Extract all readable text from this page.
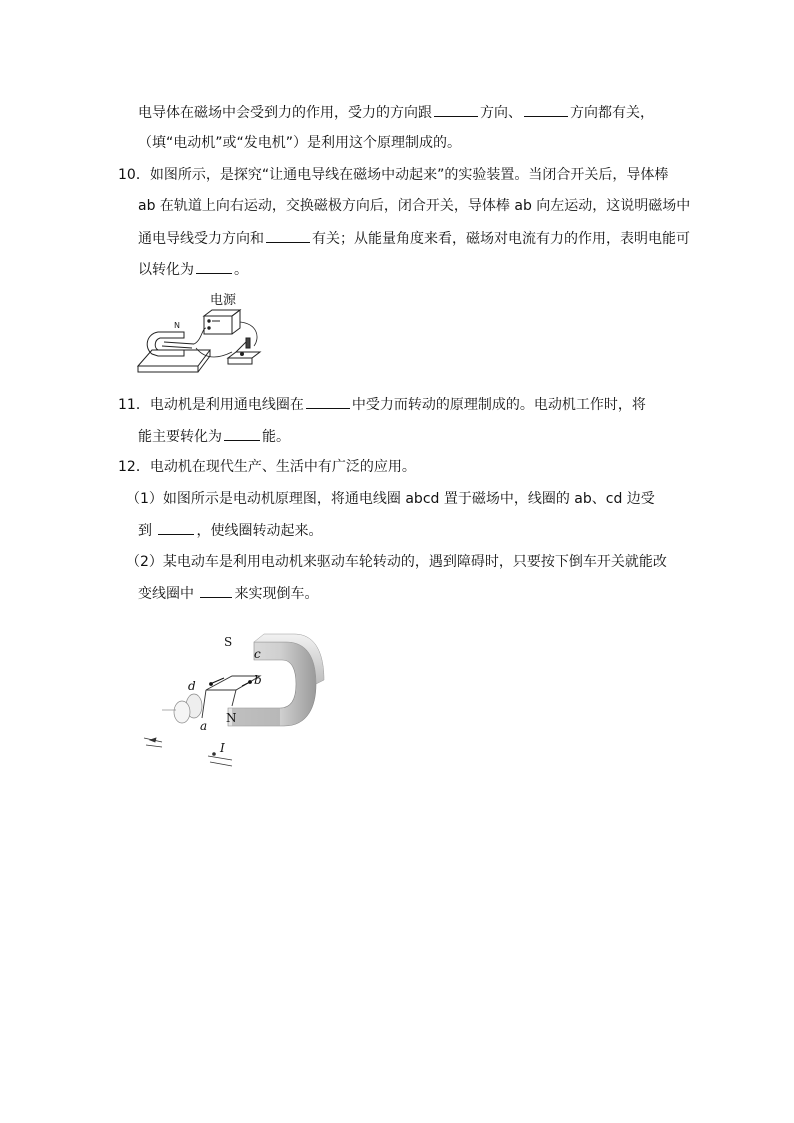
电导体在磁场中会受到力的作用，受力的方向跟	方向、	方向都有关，
（填“电动机”或“发电机”）是利用这个原理制成的。
10．如图所示，是探究“让通电导线在磁场中动起来”的实验装置。当闭合开关后，导体棒
ab 在轨道上向右运动，交换磁极方向后，闭合开关，导体棒 ab 向左运动，这说明磁场中
通电导线受力方向和	有关；从能量角度来看，磁场对电流有力的作用，表明电能可
以转化为	。
电源
N
11．电动机是利用通电线圈在	中受力而转动的原理制成的。电动机工作时，将
能主要转化为	能。
12．电动机在现代生产、生活中有广泛的应用。
（1）如图所示是电动机原理图，将通电线圈 abcd 置于磁场中，线圈的 ab、cd 边受
到	，使线圈转动起来。
（2）某电动车是利用电动机来驱动车轮转动的，遇到障碍时，只要按下倒车开关就能改
变线圈中	来实现倒车。
S
c
d	b
N
a
I
